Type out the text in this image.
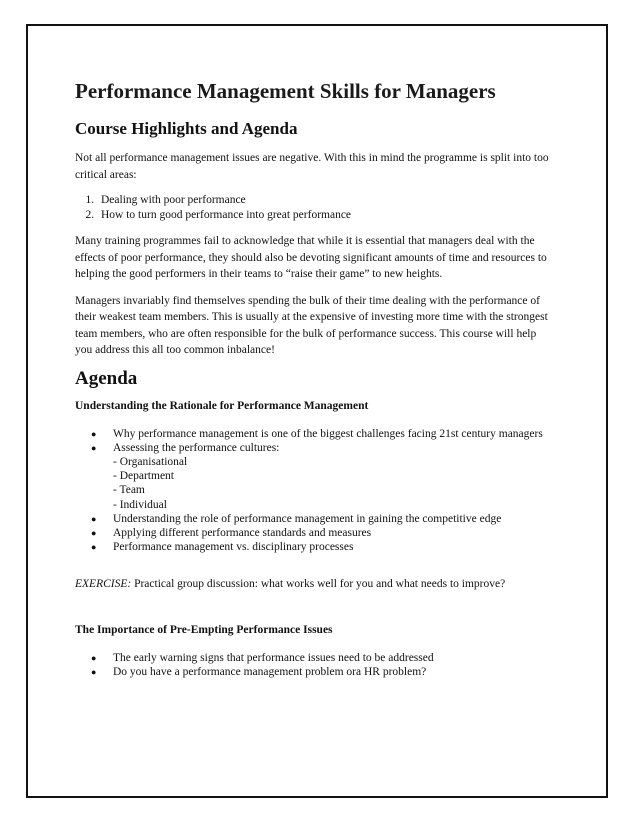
Performance Management Skills for Managers
Course Highlights and Agenda

Not all performance management issues are negative. With this in mind the programme is split into too critical areas:

1. Dealing with poor performance
2. How to turn good performance into great performance

Many training programmes fail to acknowledge that while it is essential that managers deal with the effects of poor performance, they should also be devoting significant amounts of time and resources to helping the good performers in their teams to “raise their game” to new heights.

Managers invariably find themselves spending the bulk of their time dealing with the performance of their weakest team members. This is usually at the expensive of investing more time with the strongest team members, who are often responsible for the bulk of performance success. This course will help you address this all too common inbalance!

Agenda
Understanding the Rationale for Performance Management
● Why performance management is one of the biggest challenges facing 21st century managers
● Assessing the performance cultures:
- Organisational
- Department
- Team
- Individual
● Understanding the role of performance management in gaining the competitive edge
● Applying different performance standards and measures
● Performance management vs. disciplinary processes

EXERCISE: Practical group discussion: what works well for you and what needs to improve?

The Importance of Pre-Empting Performance Issues
● The early warning signs that performance issues need to be addressed
● Do you have a performance management problem ora HR problem?
